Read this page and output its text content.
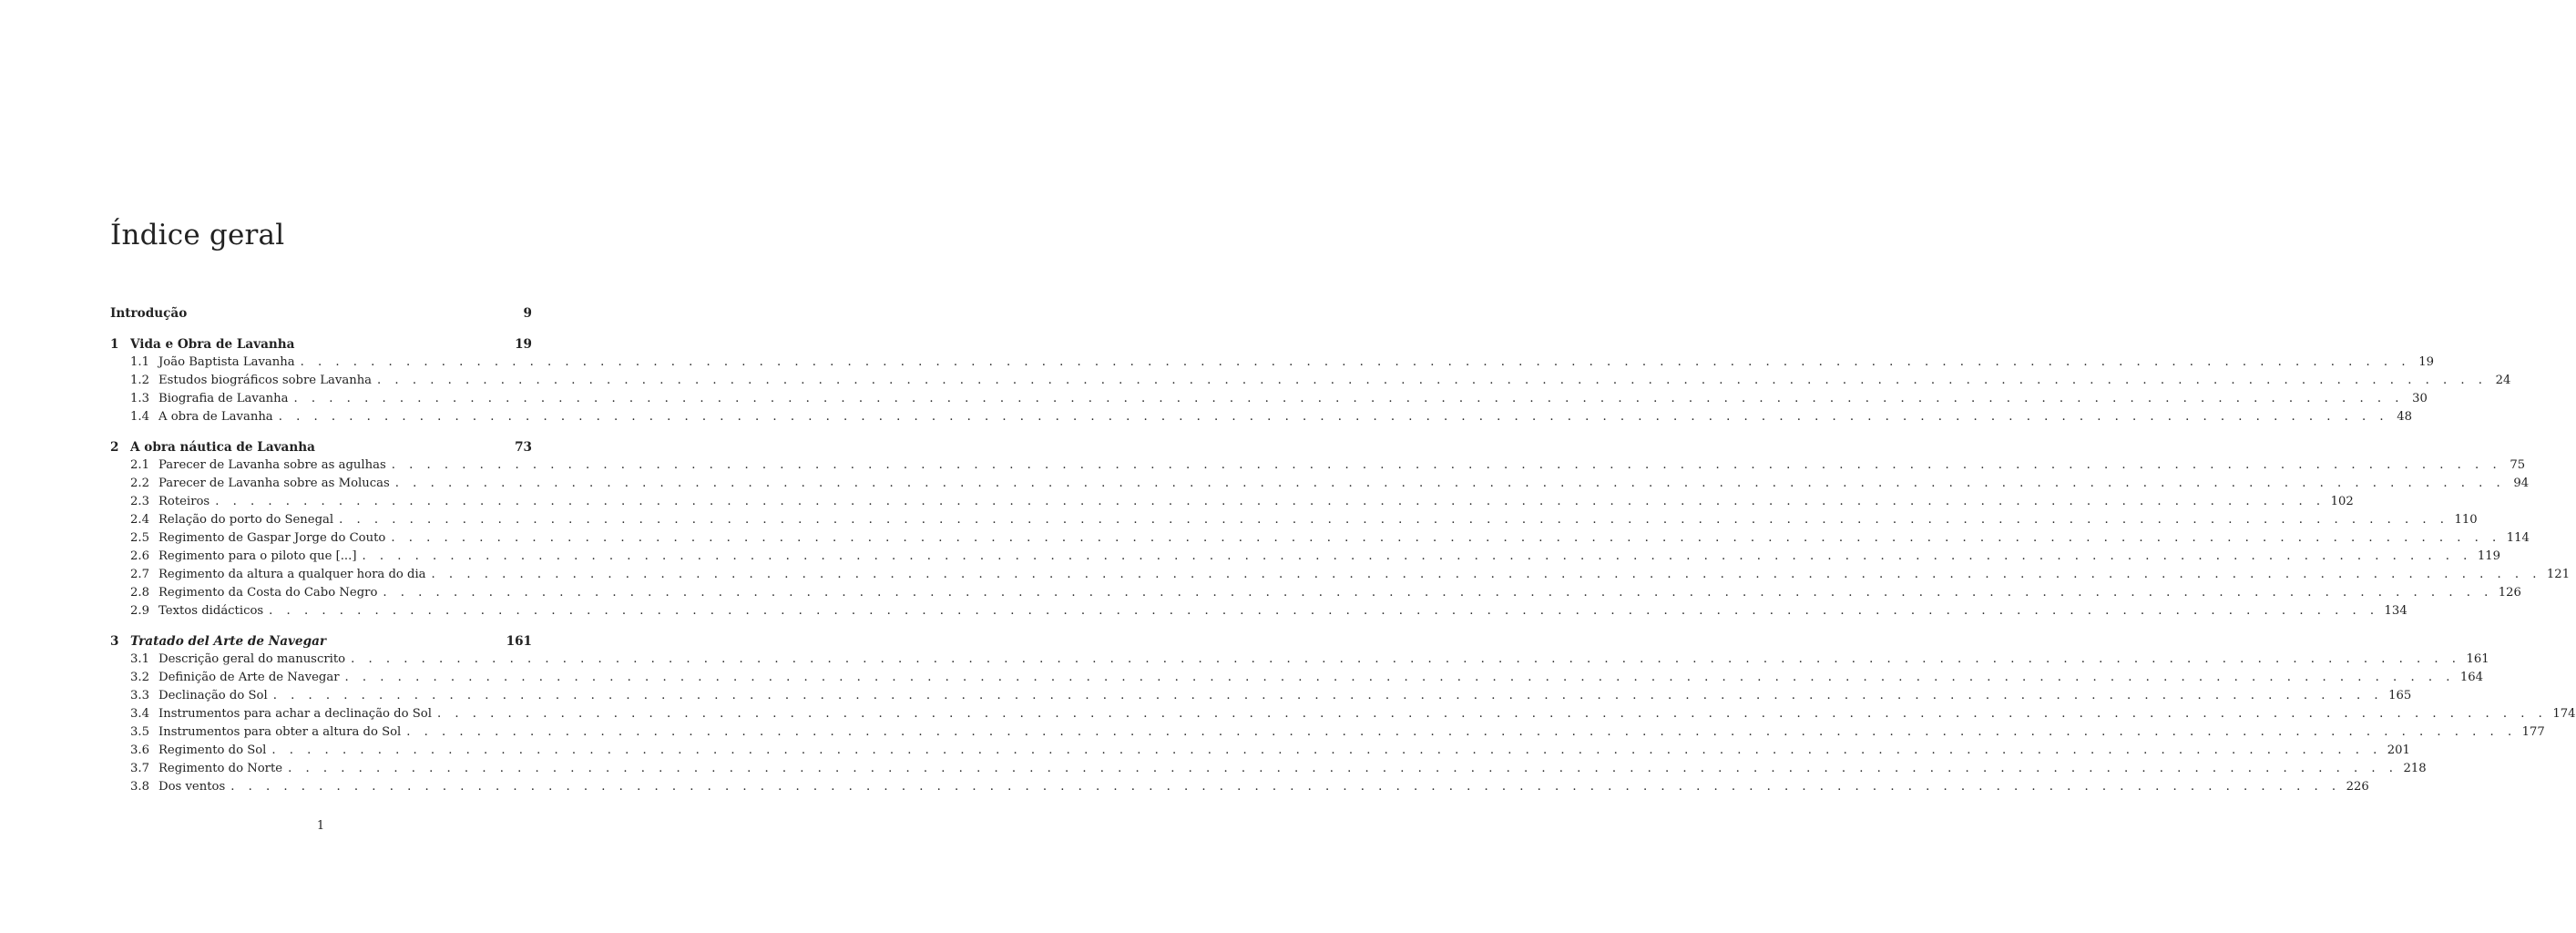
Índice geral
Introdução	9
1 Vida e Obra de Lavanha	19
1.1 João Baptista Lavanha . . . . . . . . . . . . . . . . . . . . . . . . . . . . . . . . . . . . . . . . . . . . . . . . . . . . . . . . . . . . . . . . . . . . . . . . . . . . . . . . . . . . . . . . . . . . . . . . . . . . . . . . . . . . . . . . . . . . . . . . 19
1.2 Estudos biográficos sobre Lavanha . . . . . . . . . . . . . . . . . . . . . . . . . . . . . . . . . . . . . . . . . . . . . . . . . . . . . . . . . . . . . . . . . . . . . . . . . . . . . . . . . . . . . . . . . . . . . . . . . . . . . . . . . . . . . . . . . . . . . . . . 24
1.3 Biografia de Lavanha . . . . . . . . . . . . . . . . . . . . . . . . . . . . . . . . . . . . . . . . . . . . . . . . . . . . . . . . . . . . . . . . . . . . . . . . . . . . . . . . . . . . . . . . . . . . . . . . . . . . . . . . . . . . . . . . . . . . . . . . 30
1.4 A obra de Lavanha . . . . . . . . . . . . . . . . . . . . . . . . . . . . . . . . . . . . . . . . . . . . . . . . . . . . . . . . . . . . . . . . . . . . . . . . . . . . . . . . . . . . . . . . . . . . . . . . . . . . . . . . . . . . . . . . . . . . . . . . 48
2 A obra náutica de Lavanha	73
2.1 Parecer de Lavanha sobre as agulhas . . . . . . . . . . . . . . . . . . . . . . . . . . . . . . . . . . . . . . . . . . . . . . . . . . . . . . . . . . . . . . . . . . . . . . . . . . . . . . . . . . . . . . . . . . . . . . . . . . . . . . . . . . . . . . . . . . . . . . . . 75
2.2 Parecer de Lavanha sobre as Molucas . . . . . . . . . . . . . . . . . . . . . . . . . . . . . . . . . . . . . . . . . . . . . . . . . . . . . . . . . . . . . . . . . . . . . . . . . . . . . . . . . . . . . . . . . . . . . . . . . . . . . . . . . . . . . . . . . . . . . . . . 94
2.3 Roteiros . . . . . . . . . . . . . . . . . . . . . . . . . . . . . . . . . . . . . . . . . . . . . . . . . . . . . . . . . . . . . . . . . . . . . . . . . . . . . . . . . . . . . . . . . . . . . . . . . . . . . . . . . . . . . . . . . . . . . . . . 102
2.4 Relação do porto do Senegal . . . . . . . . . . . . . . . . . . . . . . . . . . . . . . . . . . . . . . . . . . . . . . . . . . . . . . . . . . . . . . . . . . . . . . . . . . . . . . . . . . . . . . . . . . . . . . . . . . . . . . . . . . . . . . . . . . . . . . . . 110
2.5 Regimento de Gaspar Jorge do Couto . . . . . . . . . . . . . . . . . . . . . . . . . . . . . . . . . . . . . . . . . . . . . . . . . . . . . . . . . . . . . . . . . . . . . . . . . . . . . . . . . . . . . . . . . . . . . . . . . . . . . . . . . . . . . . . . . . . . . . . . 114
2.6 Regimento para o piloto que [...] . . . . . . . . . . . . . . . . . . . . . . . . . . . . . . . . . . . . . . . . . . . . . . . . . . . . . . . . . . . . . . . . . . . . . . . . . . . . . . . . . . . . . . . . . . . . . . . . . . . . . . . . . . . . . . . . . . . . . . . . 119
2.7 Regimento da altura a qualquer hora do dia . . . . . . . . . . . . . . . . . . . . . . . . . . . . . . . . . . . . . . . . . . . . . . . . . . . . . . . . . . . . . . . . . . . . . . . . . . . . . . . . . . . . . . . . . . . . . . . . . . . . . . . . . . . . . . . . . . . . . . . . 121
2.8 Regimento da Costa do Cabo Negro . . . . . . . . . . . . . . . . . . . . . . . . . . . . . . . . . . . . . . . . . . . . . . . . . . . . . . . . . . . . . . . . . . . . . . . . . . . . . . . . . . . . . . . . . . . . . . . . . . . . . . . . . . . . . . . . . . . . . . . . 126
2.9 Textos didácticos . . . . . . . . . . . . . . . . . . . . . . . . . . . . . . . . . . . . . . . . . . . . . . . . . . . . . . . . . . . . . . . . . . . . . . . . . . . . . . . . . . . . . . . . . . . . . . . . . . . . . . . . . . . . . . . . . . . . . . . . 134
3 Tratado del Arte de Navegar	161
3.1 Descrição geral do manuscrito . . . . . . . . . . . . . . . . . . . . . . . . . . . . . . . . . . . . . . . . . . . . . . . . . . . . . . . . . . . . . . . . . . . . . . . . . . . . . . . . . . . . . . . . . . . . . . . . . . . . . . . . . . . . . . . . . . . . . . . . 161
3.2 Definição de Arte de Navegar . . . . . . . . . . . . . . . . . . . . . . . . . . . . . . . . . . . . . . . . . . . . . . . . . . . . . . . . . . . . . . . . . . . . . . . . . . . . . . . . . . . . . . . . . . . . . . . . . . . . . . . . . . . . . . . . . . . . . . . . 164
3.3 Declinação do Sol . . . . . . . . . . . . . . . . . . . . . . . . . . . . . . . . . . . . . . . . . . . . . . . . . . . . . . . . . . . . . . . . . . . . . . . . . . . . . . . . . . . . . . . . . . . . . . . . . . . . . . . . . . . . . . . . . . . . . . . . 165
3.4 Instrumentos para achar a declinação do Sol . . . . . . . . . . . . . . . . . . . . . . . . . . . . . . . . . . . . . . . . . . . . . . . . . . . . . . . . . . . . . . . . . . . . . . . . . . . . . . . . . . . . . . . . . . . . . . . . . . . . . . . . . . . . . . . . . . . . . . . . 174
3.5 Instrumentos para obter a altura do Sol . . . . . . . . . . . . . . . . . . . . . . . . . . . . . . . . . . . . . . . . . . . . . . . . . . . . . . . . . . . . . . . . . . . . . . . . . . . . . . . . . . . . . . . . . . . . . . . . . . . . . . . . . . . . . . . . . . . . . . . . 177
3.6 Regimento do Sol . . . . . . . . . . . . . . . . . . . . . . . . . . . . . . . . . . . . . . . . . . . . . . . . . . . . . . . . . . . . . . . . . . . . . . . . . . . . . . . . . . . . . . . . . . . . . . . . . . . . . . . . . . . . . . . . . . . . . . . . 201
3.7 Regimento do Norte . . . . . . . . . . . . . . . . . . . . . . . . . . . . . . . . . . . . . . . . . . . . . . . . . . . . . . . . . . . . . . . . . . . . . . . . . . . . . . . . . . . . . . . . . . . . . . . . . . . . . . . . . . . . . . . . . . . . . . . . 218
3.8 Dos ventos . . . . . . . . . . . . . . . . . . . . . . . . . . . . . . . . . . . . . . . . . . . . . . . . . . . . . . . . . . . . . . . . . . . . . . . . . . . . . . . . . . . . . . . . . . . . . . . . . . . . . . . . . . . . . . . . . . . . . . . . 226
1
